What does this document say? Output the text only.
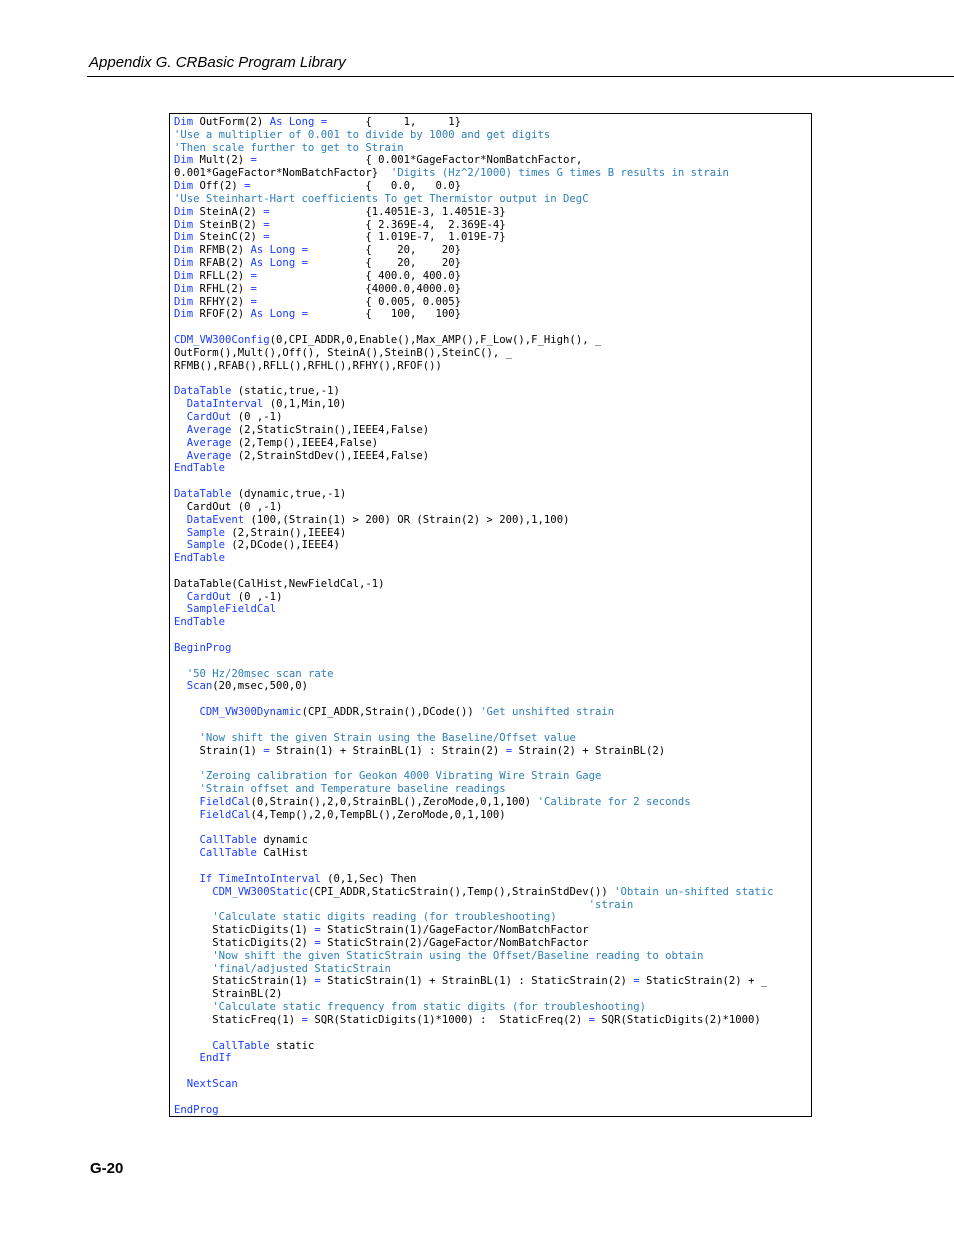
Appendix G. CRBasic Program Library
Dim OutForm(2) As Long =      {     1,     1}
'Use a multiplier of 0.001 to divide by 1000 and get digits
'Then scale further to get to Strain
Dim Mult(2) =                 { 0.001*GageFactor*NomBatchFactor,
0.001*GageFactor*NomBatchFactor}  'Digits (Hz^2/1000) times G times B results in strain
Dim Off(2) =                  {   0.0,   0.0}
'Use Steinhart-Hart coefficients To get Thermistor output in DegC
Dim SteinA(2) =               {1.4051E-3, 1.4051E-3}
Dim SteinB(2) =               { 2.369E-4,  2.369E-4}
Dim SteinC(2) =               { 1.019E-7,  1.019E-7}
Dim RFMB(2) As Long =         {    20,    20}
Dim RFAB(2) As Long =         {    20,    20}
Dim RFLL(2) =                 { 400.0, 400.0}
Dim RFHL(2) =                 {4000.0,4000.0}
Dim RFHY(2) =                 { 0.005, 0.005}
Dim RFOF(2) As Long =         {   100,   100}
CDM_VW300Config(0,CPI_ADDR,0,Enable(),Max_AMP(),F_Low(),F_High(), _
OutForm(),Mult(),Off(), SteinA(),SteinB(),SteinC(), _
RFMB(),RFAB(),RFLL(),RFHL(),RFHY(),RFOF())
DataTable (static,true,-1)
DataInterval (0,1,Min,10)
CardOut (0 ,-1)
Average (2,StaticStrain(),IEEE4,False)
Average (2,Temp(),IEEE4,False)
Average (2,StrainStdDev(),IEEE4,False)
EndTable
DataTable (dynamic,true,-1)
CardOut (0 ,-1)
DataEvent (100,(Strain(1) > 200) OR (Strain(2) > 200),1,100)
Sample (2,Strain(),IEEE4)
Sample (2,DCode(),IEEE4)
EndTable
DataTable(CalHist,NewFieldCal,-1)
CardOut (0 ,-1)
SampleFieldCal
EndTable
BeginProg
'50 Hz/20msec scan rate
Scan(20,msec,500,0)
CDM_VW300Dynamic(CPI_ADDR,Strain(),DCode()) 'Get unshifted strain
'Now shift the given Strain using the Baseline/Offset value
Strain(1) = Strain(1) + StrainBL(1) : Strain(2) = Strain(2) + StrainBL(2)
'Zeroing calibration for Geokon 4000 Vibrating Wire Strain Gage
'Strain offset and Temperature baseline readings
FieldCal(0,Strain(),2,0,StrainBL(),ZeroMode,0,1,100) 'Calibrate for 2 seconds
FieldCal(4,Temp(),2,0,TempBL(),ZeroMode,0,1,100)
CallTable dynamic
CallTable CalHist
If TimeIntoInterval (0,1,Sec) Then
CDM_VW300Static(CPI_ADDR,StaticStrain(),Temp(),StrainStdDev()) 'Obtain un-shifted static
'strain
'Calculate static digits reading (for troubleshooting)
StaticDigits(1) = StaticStrain(1)/GageFactor/NomBatchFactor
StaticDigits(2) = StaticStrain(2)/GageFactor/NomBatchFactor
'Now shift the given StaticStrain using the Offset/Baseline reading to obtain
'final/adjusted StaticStrain
StaticStrain(1) = StaticStrain(1) + StrainBL(1) : StaticStrain(2) = StaticStrain(2) + _
StrainBL(2)
'Calculate static frequency from static digits (for troubleshooting)
StaticFreq(1) = SQR(StaticDigits(1)*1000) :  StaticFreq(2) = SQR(StaticDigits(2)*1000)
CallTable static
EndIf
NextScan
EndProg
G-20
